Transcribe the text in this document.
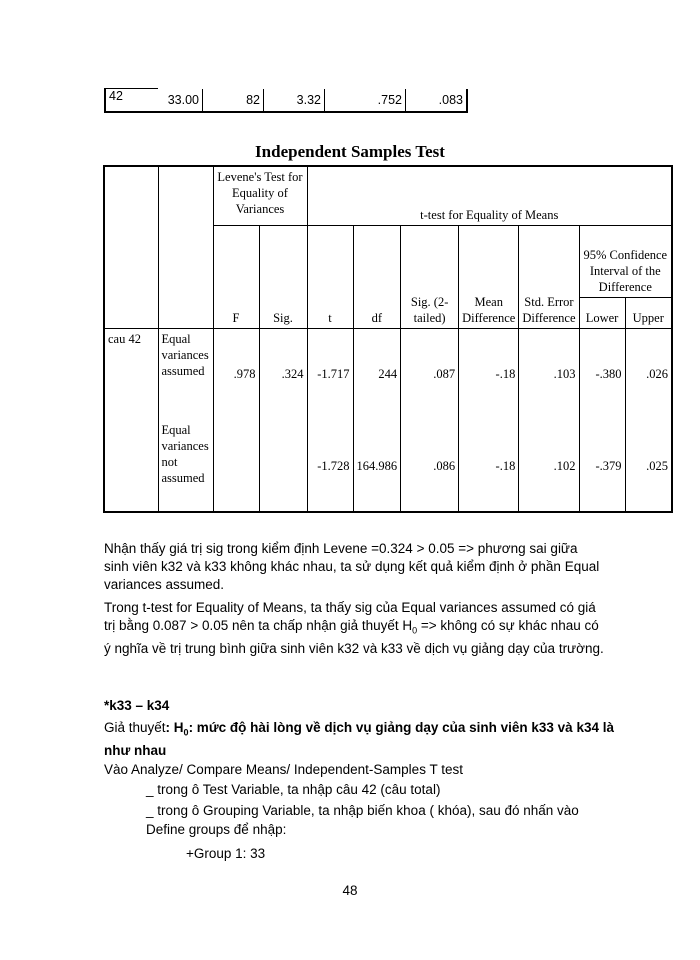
42	33.00	82	3.32	.752	.083
Independent Samples Test
		Levene's Test for Equality of Variances		t-test for Equality of Means						
		F	Sig.	t	df	Sig. (2-tailed)	Mean Difference	Std. Error Difference	95% Confidence Interval of the Difference	
									Lower	Upper
cau 42	Equal variances assumed	.978	.324	-1.717	244	.087	-.18	.103	-.380	.026
	Equal variances not assumed			-1.728	164.986	.086	-.18	.102	-.379	.025

Nhận thấy giá trị sig trong kiểm định Levene =0.324 > 0.05 => phương sai giữa sinh viên k32 và k33 không khác nhau, ta sử dụng kết quả kiểm định ở phần Equal variances assumed.

Trong t-test for Equality of Means, ta thấy sig của Equal variances assumed có giá trị bằng 0.087 > 0.05 nên ta chấp nhận giả thuyết $H_0$ => không có sự khác nhau có ý nghĩa về trị trung bình giữa sinh viên k32 và k33 về dịch vụ giảng dạy của trường.

*k33 – k34

Giả thuyết: $H_0$: mức độ hài lòng về dịch vụ giảng dạy của sinh viên k33 và k34 là như nhau

Vào Analyze/ Compare Means/ Independent-Samples T test

_ trong ô Test Variable, ta nhập câu 42 (câu total)

_ trong ô Grouping Variable, ta nhập biến khoa ( khóa), sau đó nhấn vào

Define groups để nhập:

+Group 1: 33

48
